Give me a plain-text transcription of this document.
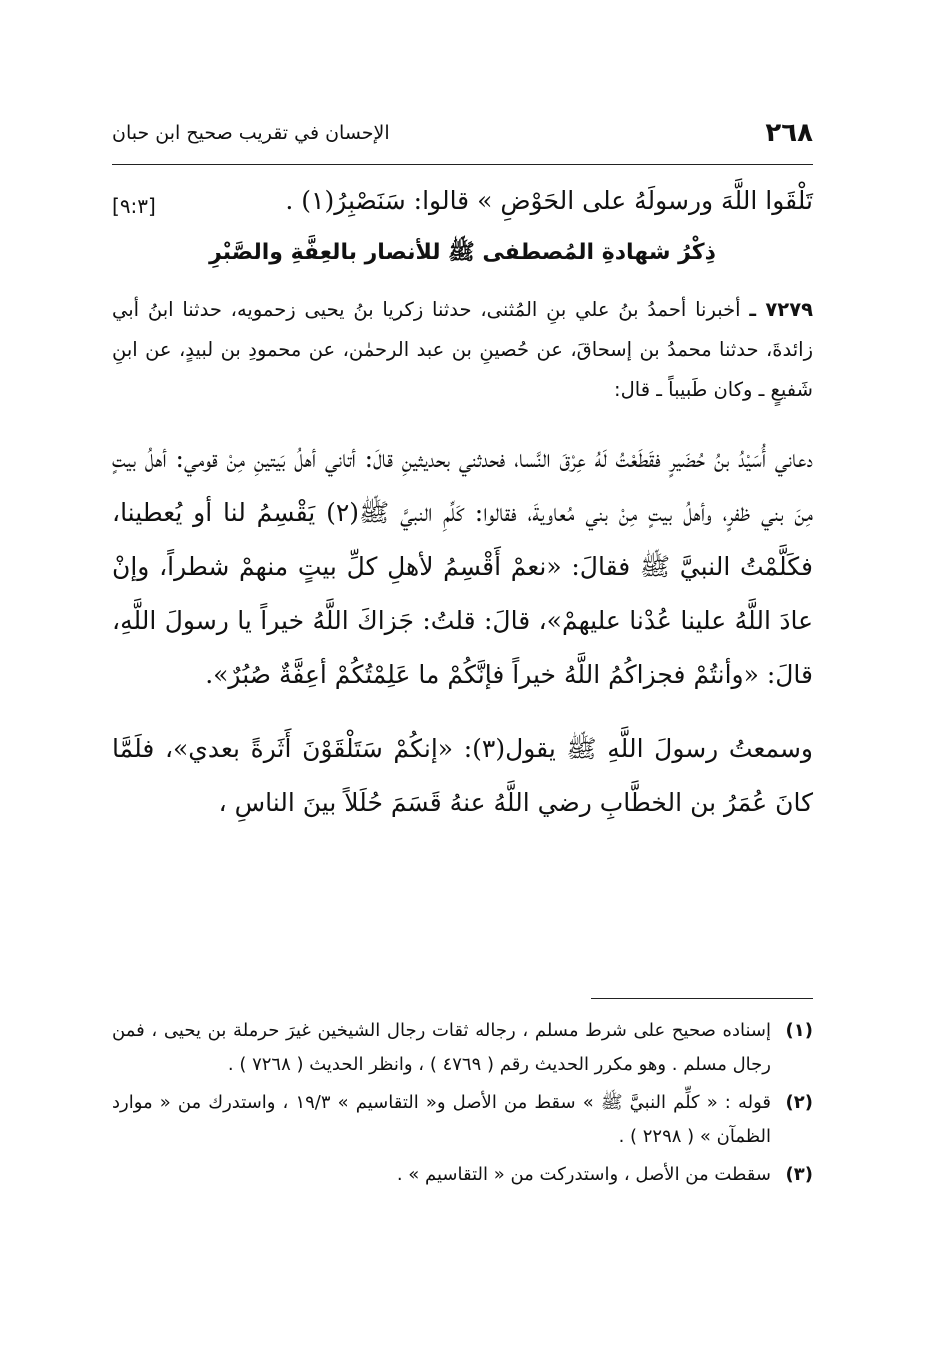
٢٦٨
الإحسان في تقريب صحيح ابن حبان
تَلْقَوا اللَّهَ ورسولَهُ على الحَوْضِ » قالوا: سَنَصْبِرُ(١) .
[٩:٣]
ذِكْرُ شهادةِ المُصطفى ﷺ للأنصار بالعِفَّةِ والصَّبْرِ
٧٢٧٩ ـ أخبرنا أحمدُ بنُ علي بنِ المُثنى، حدثنا زكريا بنُ يحيى زحمويه، حدثنا ابنُ أبي زائدةَ، حدثنا محمدُ بن إسحاقَ، عن حُصينِ بن عبد الرحمٰن، عن محمودِ بن لبيدٍ، عن ابنِ شَفيعٍ ـ وكان طَبيباً ـ قال:
دعاني أُسَيْدُ بنُ حُضَيرٍ فقَطَعْتُ لَهُ عِرْقَ النَّسا، فحدثني بحديثينِ قالَ: أتاني أهلُ بَيتينِ مِنْ قومي: أهلُ بيتٍ مِنَ بني ظفرٍ، وأهلُ بيتٍ مِنْ بني مُعاويةَ، فقالوا: كَلِّمِ النبيَّ ﷺ(٢) يَقْسِمُ لنا أو يُعطينا، فكَلَّمْتُ النبيَّ ﷺ فقالَ: «نعمْ أَقْسِمُ لأهلِ كلِّ بيتٍ منهمْ شطراً، وإنْ عادَ اللَّهُ علينا عُدْنا عليهمْ»، قالَ: قلتُ: جَزاكَ اللَّهُ خيراً يا رسولَ اللَّهِ، قالَ: «وأنتُمْ فجزاكُمُ اللَّهُ خيراً فإنَّكُمْ ما عَلِمْتُكُمْ أعِفَّةٌ صُبُرٌ».
وسمعتُ رسولَ اللَّهِ ﷺ يقول(٣): «إنكُمْ سَتَلْقَوْنَ أَثَرةً بعدي»، فلَمَّا كانَ عُمَرُ بن الخطَّابِ رضي اللَّهُ عنهُ قَسَمَ حُلَلاً بينَ الناسِ ،
(١)
إسناده صحيح على شرط مسلم ، رجاله ثقات رجال الشيخين غيرَ حرملة بن يحيى ، فمن رجال مسلم . وهو مكرر الحديث رقم ( ٤٧٦٩ ) ، وانظر الحديث ( ٧٢٦٨ ) .
(٢)
قوله : « كلِّم النبيَّ ﷺ » سقط من الأصل و« التقاسيم » ١٩/٣ ، واستدرك من « موارد الظمآن » ( ٢٢٩٨ ) .
(٣)
سقطت من الأصل ، واستدركت من « التقاسيم » .
